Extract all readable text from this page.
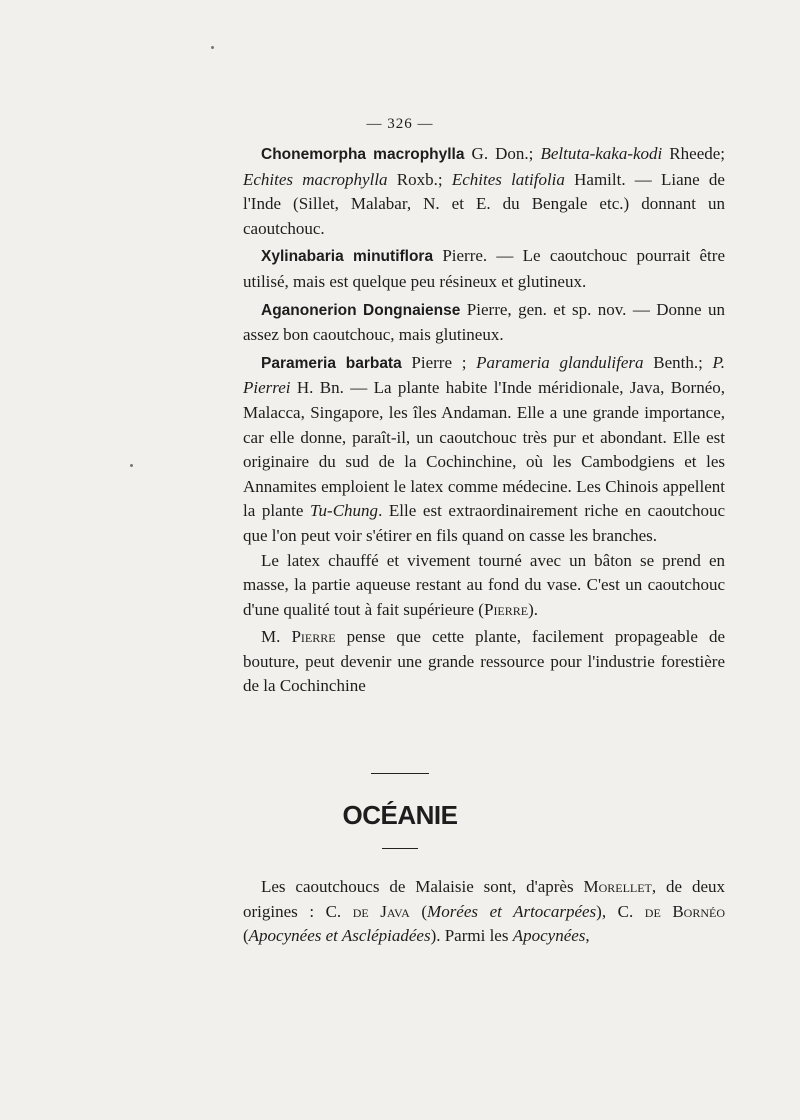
— 326 —

Chonemorpha macrophylla G. Don.; Beltuta-kaka-kodi Rheede; Echites macrophylla Roxb.; Echites latifolia Hamilt. — Liane de l'Inde (Sillet, Malabar, N. et E. du Bengale etc.) donnant un caoutchouc.

Xylinabaria minutiflora Pierre. — Le caoutchouc pourrait être utilisé, mais est quelque peu résineux et glutineux.

Aganonerion Dongnaiense Pierre, gen. et sp. nov. — Donne un assez bon caoutchouc, mais glutineux.

Parameria barbata Pierre ; Parameria glandulifera Benth.; P. Pierrei H. Bn. — La plante habite l'Inde méridionale, Java, Bornéo, Malacca, Singapore, les îles Andaman. Elle a une grande importance, car elle donne, paraît-il, un caoutchouc très pur et abondant. Elle est originaire du sud de la Cochinchine, où les Cambodgiens et les Annamites emploient le latex comme médecine. Les Chinois appellent la plante Tu-Chung. Elle est extraordinairement riche en caoutchouc que l'on peut voir s'étirer en fils quand on casse les branches.

Le latex chauffé et vivement tourné avec un bâton se prend en masse, la partie aqueuse restant au fond du vase. C'est un caoutchouc d'une qualité tout à fait supérieure (Pierre).

M. Pierre pense que cette plante, facilement propageable de bouture, peut devenir une grande ressource pour l'industrie forestière de la Cochinchine

OCÉANIE

Les caoutchoucs de Malaisie sont, d'après Morellet, de deux origines : C. de Java (Morées et Artocarpées), C. de Bornéo (Apocynées et Asclépiadées). Parmi les Apocynées,
